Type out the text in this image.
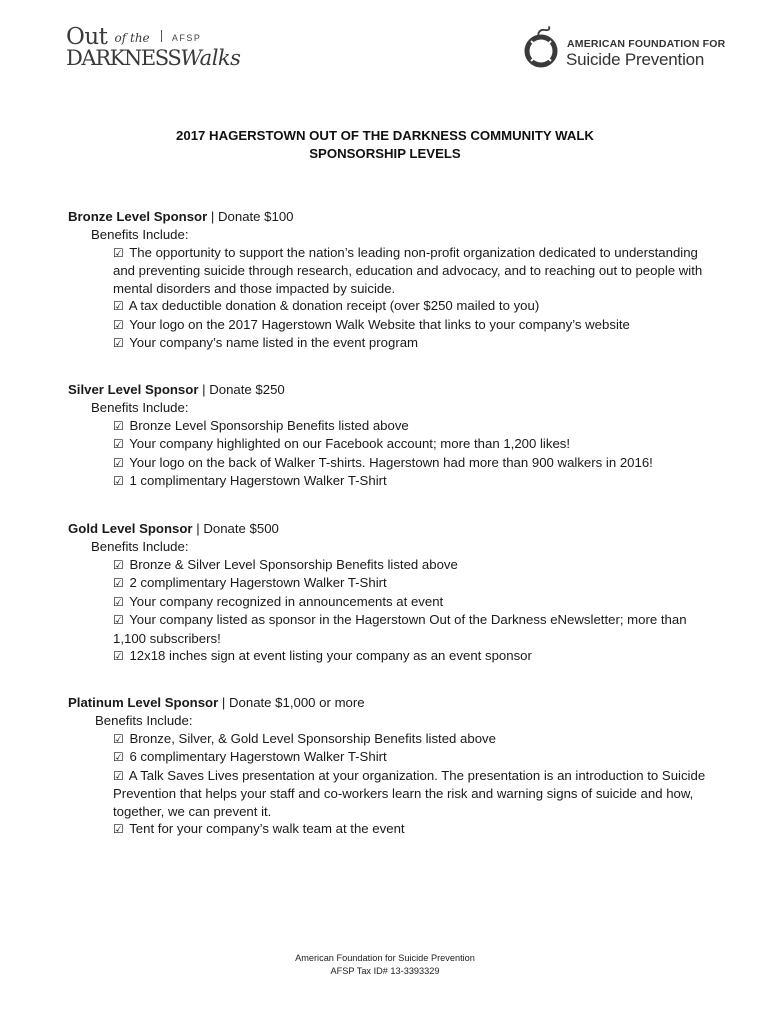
Out of the AFSP
DARKNESSWalks
AMERICAN FOUNDATION FOR
Suicide Prevention
2017 HAGERSTOWN OUT OF THE DARKNESS COMMUNITY WALK
SPONSORSHIP LEVELS
Bronze Level Sponsor | Donate $100
Benefits Include:
☑ The opportunity to support the nation’s leading non-profit organization dedicated to understanding and preventing suicide through research, education and advocacy, and to reaching out to people with mental disorders and those impacted by suicide.
☑ A tax deductible donation & donation receipt (over $250 mailed to you)
☑ Your logo on the 2017 Hagerstown Walk Website that links to your company’s website
☑ Your company’s name listed in the event program
Silver Level Sponsor | Donate $250
Benefits Include:
☑ Bronze Level Sponsorship Benefits listed above
☑ Your company highlighted on our Facebook account; more than 1,200 likes!
☑ Your logo on the back of Walker T-shirts. Hagerstown had more than 900 walkers in 2016!
☑ 1 complimentary Hagerstown Walker T-Shirt
Gold Level Sponsor | Donate $500
Benefits Include:
☑ Bronze & Silver Level Sponsorship Benefits listed above
☑ 2 complimentary Hagerstown Walker T-Shirt
☑ Your company recognized in announcements at event
☑ Your company listed as sponsor in the Hagerstown Out of the Darkness eNewsletter; more than 1,100 subscribers!
☑ 12x18 inches sign at event listing your company as an event sponsor
Platinum Level Sponsor | Donate $1,000 or more
Benefits Include:
☑ Bronze, Silver, & Gold Level Sponsorship Benefits listed above
☑ 6 complimentary Hagerstown Walker T-Shirt
☑ A Talk Saves Lives presentation at your organization. The presentation is an introduction to Suicide Prevention that helps your staff and co-workers learn the risk and warning signs of suicide and how, together, we can prevent it.
☑ Tent for your company’s walk team at the event
American Foundation for Suicide Prevention
AFSP Tax ID# 13-3393329
